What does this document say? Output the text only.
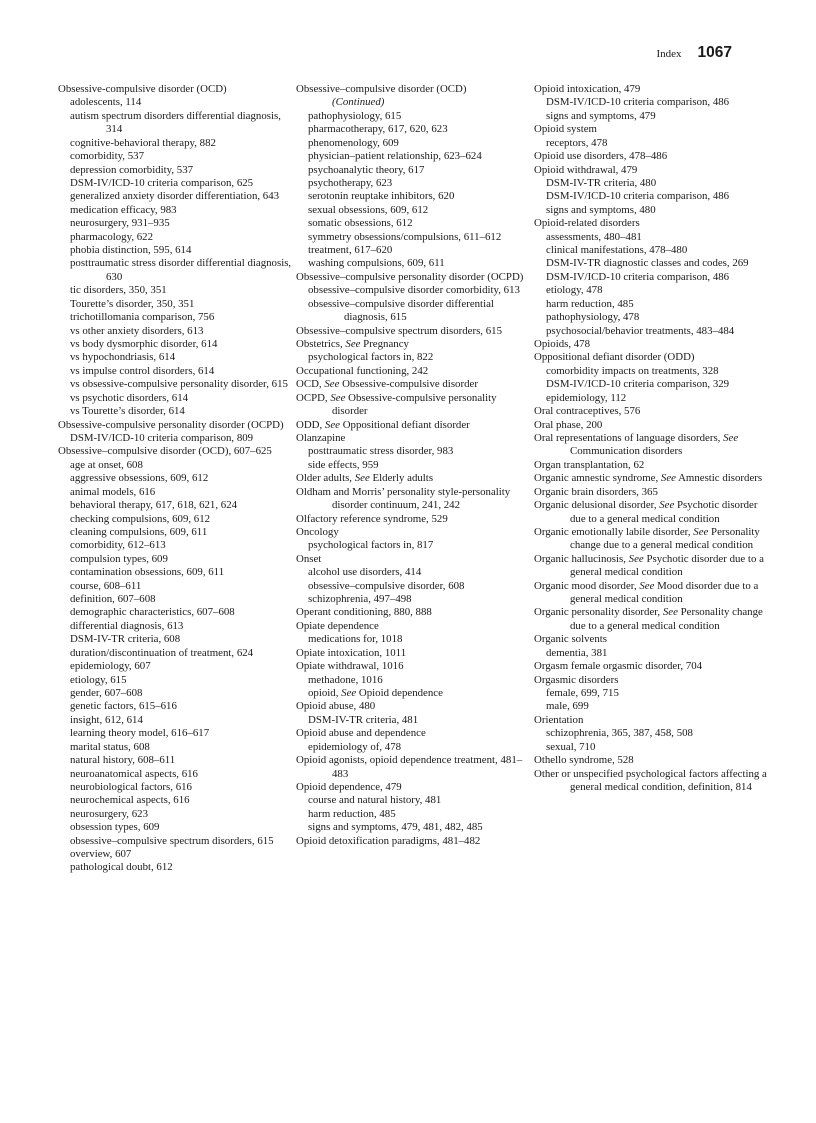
Index 1067
Obsessive-compulsive disorder (OCD)
adolescents, 114
autism spectrum disorders differential diagnosis, 314
cognitive-behavioral therapy, 882
comorbidity, 537
depression comorbidity, 537
DSM-IV/ICD-10 criteria comparison, 625
generalized anxiety disorder differentiation, 643
medication efficacy, 983
neurosurgery, 931–935
pharmacology, 622
phobia distinction, 595, 614
posttraumatic stress disorder differential diagnosis, 630
tic disorders, 350, 351
Tourette’s disorder, 350, 351
trichotillomania comparison, 756
vs other anxiety disorders, 613
vs body dysmorphic disorder, 614
vs hypochondriasis, 614
vs impulse control disorders, 614
vs obsessive-compulsive personality disorder, 615
vs psychotic disorders, 614
vs Tourette’s disorder, 614
Obsessive-compulsive personality disorder (OCPD)
DSM-IV/ICD-10 criteria comparison, 809
Obsessive–compulsive disorder (OCD), 607–625
age at onset, 608
aggressive obsessions, 609, 612
animal models, 616
behavioral therapy, 617, 618, 621, 624
checking compulsions, 609, 612
cleaning compulsions, 609, 611
comorbidity, 612–613
compulsion types, 609
contamination obsessions, 609, 611
course, 608–611
definition, 607–608
demographic characteristics, 607–608
differential diagnosis, 613
DSM-IV-TR criteria, 608
duration/discontinuation of treatment, 624
epidemiology, 607
etiology, 615
gender, 607–608
genetic factors, 615–616
insight, 612, 614
learning theory model, 616–617
marital status, 608
natural history, 608–611
neuroanatomical aspects, 616
neurobiological factors, 616
neurochemical aspects, 616
neurosurgery, 623
obsession types, 609
obsessive–compulsive spectrum disorders, 615
overview, 607
pathological doubt, 612
Obsessive–compulsive disorder (OCD)
(Continued)
pathophysiology, 615
pharmacotherapy, 617, 620, 623
phenomenology, 609
physician–patient relationship, 623–624
psychoanalytic theory, 617
psychotherapy, 623
serotonin reuptake inhibitors, 620
sexual obsessions, 609, 612
somatic obsessions, 612
symmetry obsessions/compulsions, 611–612
treatment, 617–620
washing compulsions, 609, 611
Obsessive–compulsive personality disorder (OCPD)
obsessive–compulsive disorder comorbidity, 613
obsessive–compulsive disorder differential diagnosis, 615
Obsessive–compulsive spectrum disorders, 615
Obstetrics, See Pregnancy
psychological factors in, 822
Occupational functioning, 242
OCD, See Obsessive-compulsive disorder
OCPD, See Obsessive-compulsive personality disorder
ODD, See Oppositional defiant disorder
Olanzapine
posttraumatic stress disorder, 983
side effects, 959
Older adults, See Elderly adults
Oldham and Morris’ personality style-personality disorder continuum, 241, 242
Olfactory reference syndrome, 529
Oncology
psychological factors in, 817
Onset
alcohol use disorders, 414
obsessive–compulsive disorder, 608
schizophrenia, 497–498
Operant conditioning, 880, 888
Opiate dependence
medications for, 1018
Opiate intoxication, 1011
Opiate withdrawal, 1016
methadone, 1016
opioid, See Opioid dependence
Opioid abuse, 480
DSM-IV-TR criteria, 481
Opioid abuse and dependence
epidemiology of, 478
Opioid agonists, opioid dependence treatment, 481–483
Opioid dependence, 479
course and natural history, 481
harm reduction, 485
signs and symptoms, 479, 481, 482, 485
Opioid detoxification paradigms, 481–482
Opioid intoxication, 479
DSM-IV/ICD-10 criteria comparison, 486
signs and symptoms, 479
Opioid system
receptors, 478
Opioid use disorders, 478–486
Opioid withdrawal, 479
DSM-IV-TR criteria, 480
DSM-IV/ICD-10 criteria comparison, 486
signs and symptoms, 480
Opioid-related disorders
assessments, 480–481
clinical manifestations, 478–480
DSM-IV-TR diagnostic classes and codes, 269
DSM-IV/ICD-10 criteria comparison, 486
etiology, 478
harm reduction, 485
pathophysiology, 478
psychosocial/behavior treatments, 483–484
Opioids, 478
Oppositional defiant disorder (ODD)
comorbidity impacts on treatments, 328
DSM-IV/ICD-10 criteria comparison, 329
epidemiology, 112
Oral contraceptives, 576
Oral phase, 200
Oral representations of language disorders, See Communication disorders
Organ transplantation, 62
Organic amnestic syndrome, See Amnestic disorders
Organic brain disorders, 365
Organic delusional disorder, See Psychotic disorder due to a general medical condition
Organic emotionally labile disorder, See Personality change due to a general medical condition
Organic hallucinosis, See Psychotic disorder due to a general medical condition
Organic mood disorder, See Mood disorder due to a general medical condition
Organic personality disorder, See Personality change due to a general medical condition
Organic solvents
dementia, 381
Orgasm female orgasmic disorder, 704
Orgasmic disorders
female, 699, 715
male, 699
Orientation
schizophrenia, 365, 387, 458, 508
sexual, 710
Othello syndrome, 528
Other or unspecified psychological factors affecting a general medical condition, definition, 814
